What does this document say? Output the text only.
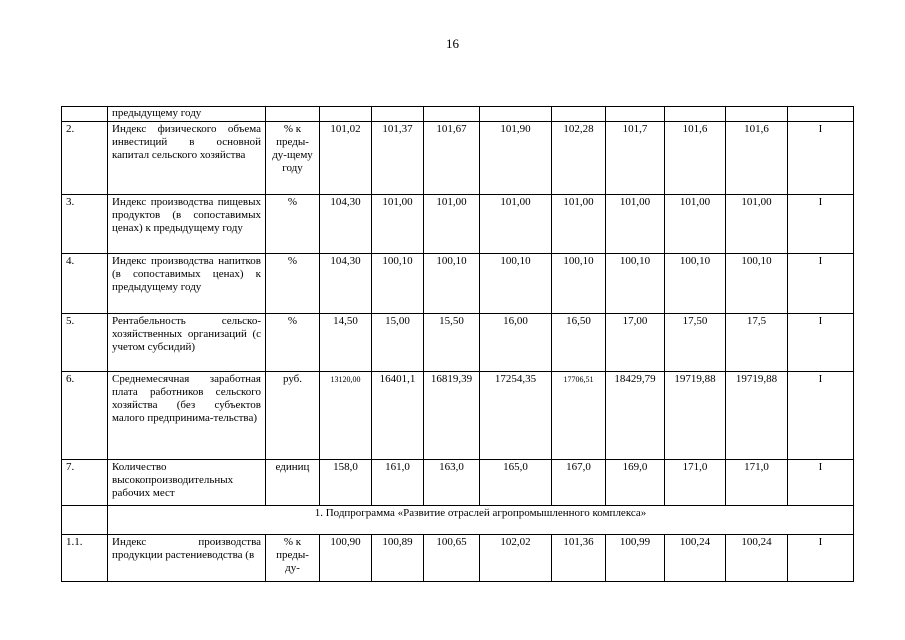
16
	предыдущему году										
2.	Индекс физического объема инвестиций в основной капитал сельского хозяйства	% к преды-ду-щему году	101,02	101,37	101,67	101,90	102,28	101,7	101,6	101,6	I
3.	Индекс производства пищевых продуктов (в сопоставимых ценах) к предыдущему году	%	104,30	101,00	101,00	101,00	101,00	101,00	101,00	101,00	I
4.	Индекс производства напитков (в сопоставимых ценах) к предыдущему году	%	104,30	100,10	100,10	100,10	100,10	100,10	100,10	100,10	I
5.	Рентабельность сельско-хозяйственных организаций (с учетом субсидий)	%	14,50	15,00	15,50	16,00	16,50	17,00	17,50	17,5	I
6.	Среднемесячная заработная плата работников сельского хозяйства (без субъектов малого предпринима-тельства)	руб.	13120,00	16401,1	16819,39	17254,35	17706,51	18429,79	19719,88	19719,88	I
7.	Количество высокопроизводительных рабочих мест	единиц	158,0	161,0	163,0	165,0	167,0	169,0	171,0	171,0	I
	1. Подпрограмма «Развитие отраслей агропромышленного комплекса»										
1.1.	Индекс производства продукции растениеводства (в	% к преды-ду-	100,90	100,89	100,65	102,02	101,36	100,99	100,24	100,24	I
